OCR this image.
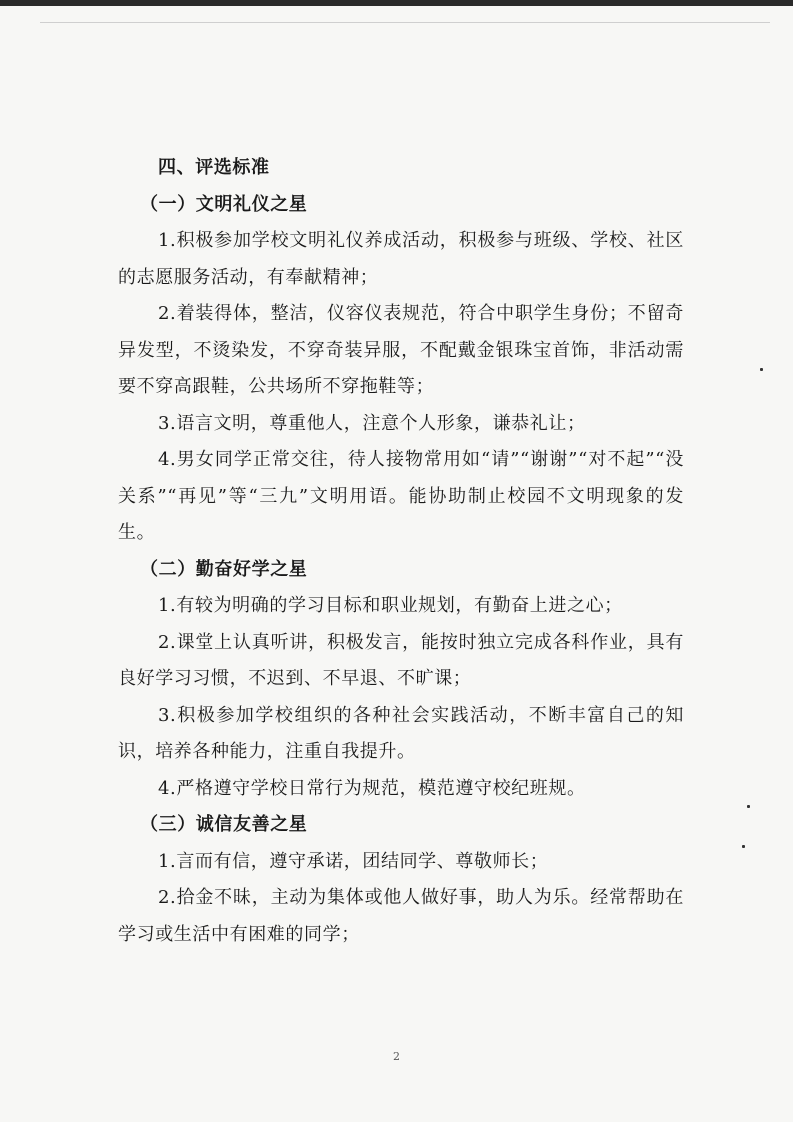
四、评选标准

（一）文明礼仪之星

1.积极参加学校文明礼仪养成活动，积极参与班级、学校、社区的志愿服务活动，有奉献精神；

2.着装得体，整洁，仪容仪表规范，符合中职学生身份；不留奇异发型，不烫染发，不穿奇装异服，不配戴金银珠宝首饰，非活动需要不穿高跟鞋，公共场所不穿拖鞋等；

3.语言文明，尊重他人，注意个人形象，谦恭礼让；

4.男女同学正常交往，待人接物常用如“请”“谢谢”“对不起”“没关系”“再见”等“三九”文明用语。能协助制止校园不文明现象的发生。

（二）勤奋好学之星

1.有较为明确的学习目标和职业规划，有勤奋上进之心；

2.课堂上认真听讲，积极发言，能按时独立完成各科作业，具有良好学习习惯，不迟到、不早退、不旷课；

3.积极参加学校组织的各种社会实践活动，不断丰富自己的知识，培养各种能力，注重自我提升。

4.严格遵守学校日常行为规范，模范遵守校纪班规。

（三）诚信友善之星

1.言而有信，遵守承诺，团结同学、尊敬师长；

2.拾金不昧，主动为集体或他人做好事，助人为乐。经常帮助在学习或生活中有困难的同学；

2
